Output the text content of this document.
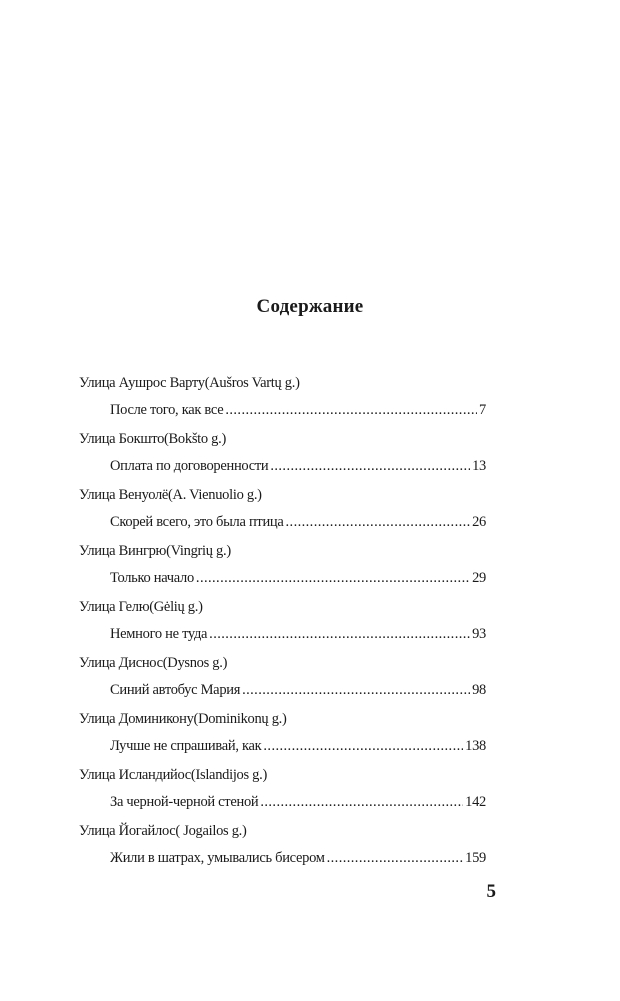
Содержание
Улица Аушрос Варту(Aušros Vartų g.)
После того, как все .....	7
Улица Бокшто(Bokšto g.)
Оплата по договоренности .....	13
Улица Венуолё(A. Vienuolio g.)
Скорей всего, это была птица .....	26
Улица Вингрю(Vingrių g.)
Только начало .....	29
Улица Гелю(Gėlių g.)
Немного не туда .....	93
Улица Диснос(Dysnos g.)
Синий автобус Мария .....	98
Улица Доминикону(Dominikonų g.)
Лучше не спрашивай, как .....	138
Улица Исландийос(Islandijos g.)
За черной-черной стеной .....	142
Улица Йогайлос( Jogailos g.)
Жили в шатрах, умывались бисером .....	159
5
